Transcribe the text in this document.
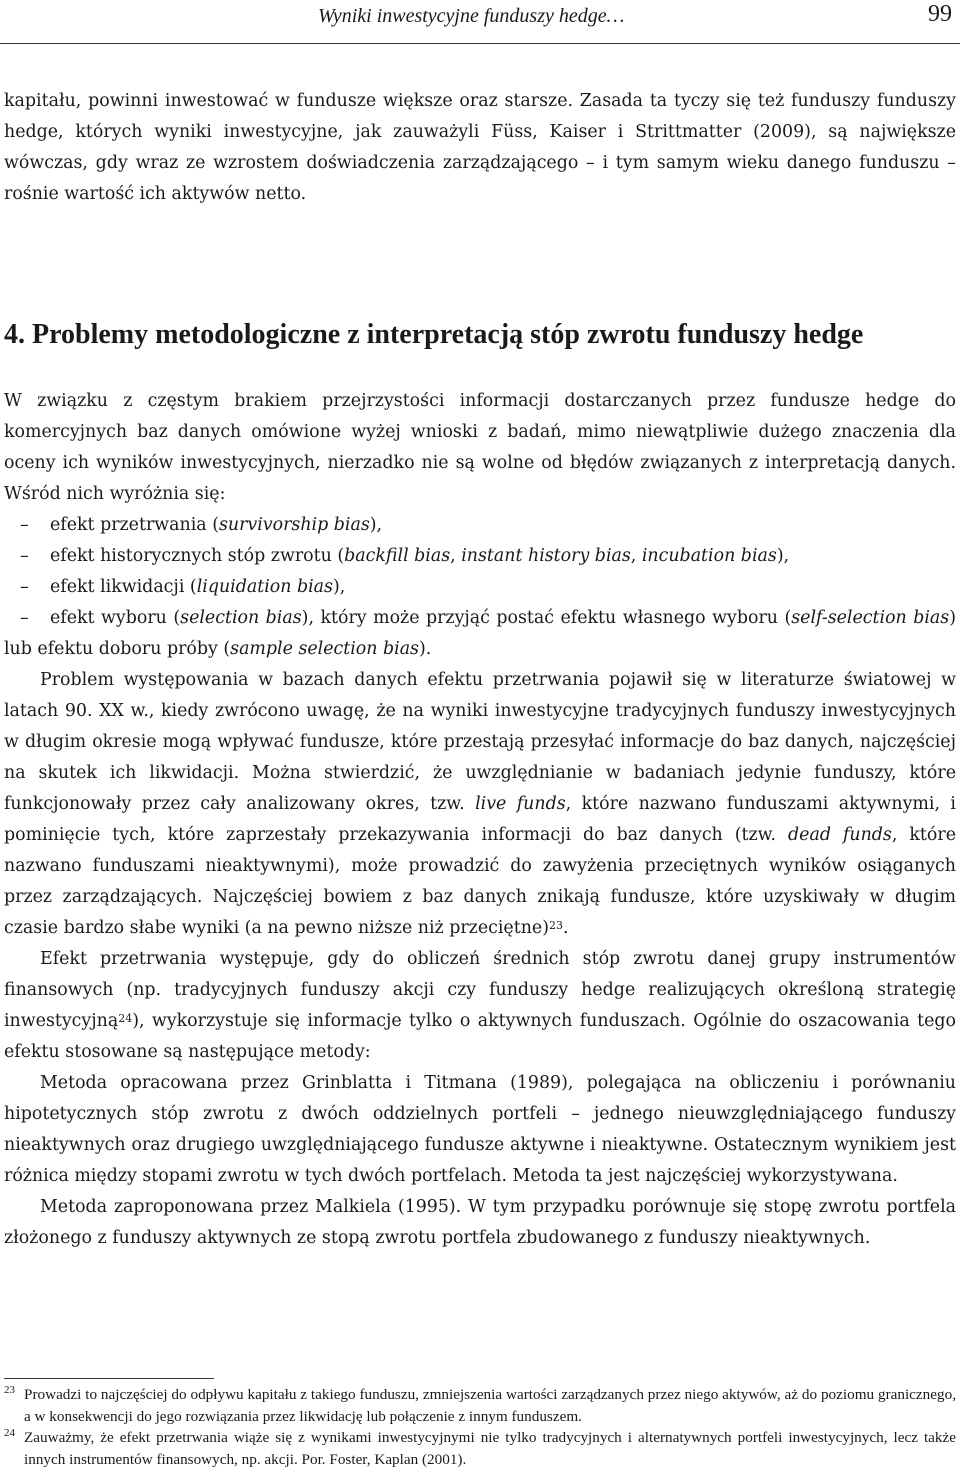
Wyniki inwestycyjne funduszy hedge…	99

kapitału, powinni inwestować w fundusze większe oraz starsze. Zasada ta tyczy się też funduszy funduszy hedge, których wyniki inwestycyjne, jak zauważyli Füss, Kaiser i Strittmatter (2009), są największe wówczas, gdy wraz ze wzrostem doświadczenia zarządzającego – i tym samym wieku danego funduszu – rośnie wartość ich aktywów netto.

4. Problemy metodologiczne z interpretacją stóp zwrotu funduszy hedge

W związku z częstym brakiem przejrzystości informacji dostarczanych przez fundusze hedge do komercyjnych baz danych omówione wyżej wnioski z badań, mimo niewątpliwie dużego znaczenia dla oceny ich wyników inwestycyjnych, nierzadko nie są wolne od błędów związanych z interpretacją danych. Wśród nich wyróżnia się:

– efekt przetrwania (survivorship bias),

– efekt historycznych stóp zwrotu (backfill bias, instant history bias, incubation bias),

– efekt likwidacji (liquidation bias),

– efekt wyboru (selection bias), który może przyjąć postać efektu własnego wyboru (self-selection bias) lub efektu doboru próby (sample selection bias).

Problem występowania w bazach danych efektu przetrwania pojawił się w literaturze światowej w latach 90. XX w., kiedy zwrócono uwagę, że na wyniki inwestycyjne tradycyjnych funduszy inwestycyjnych w długim okresie mogą wpływać fundusze, które przestają przesyłać informacje do baz danych, najczęściej na skutek ich likwidacji. Można stwierdzić, że uwzględnianie w badaniach jedynie funduszy, które funkcjonowały przez cały analizowany okres, tzw. live funds, które nazwano funduszami aktywnymi, i pominięcie tych, które zaprzestały przekazywania informacji do baz danych (tzw. dead funds, które nazwano funduszami nieaktywnymi), może prowadzić do zawyżenia przeciętnych wyników osiąganych przez zarządzających. Najczęściej bowiem z baz danych znikają fundusze, które uzyskiwały w długim czasie bardzo słabe wyniki (a na pewno niższe niż przeciętne)$^{23}$.

Efekt przetrwania występuje, gdy do obliczeń średnich stóp zwrotu danej grupy instrumentów finansowych (np. tradycyjnych funduszy akcji czy funduszy hedge realizujących określoną strategię inwestycyjną$^{24}$), wykorzystuje się informacje tylko o aktywnych funduszach. Ogólnie do oszacowania tego efektu stosowane są następujące metody:

Metoda opracowana przez Grinblatta i Titmana (1989), polegająca na obliczeniu i porównaniu hipotetycznych stóp zwrotu z dwóch oddzielnych portfeli – jednego nieuwzględniającego funduszy nieaktywnych oraz drugiego uwzględniającego fundusze aktywne i nieaktywne. Ostatecznym wynikiem jest różnica między stopami zwrotu w tych dwóch portfelach. Metoda ta jest najczęściej wykorzystywana.

Metoda zaproponowana przez Malkiela (1995). W tym przypadku porównuje się stopę zwrotu portfela złożonego z funduszy aktywnych ze stopą zwrotu portfela zbudowanego z funduszy nieaktywnych.

23 Prowadzi to najczęściej do odpływu kapitału z takiego funduszu, zmniejszenia wartości zarządzanych przez niego aktywów, aż do poziomu granicznego, a w konsekwencji do jego rozwiązania przez likwidację lub połączenie z innym funduszem.

24 Zauważmy, że efekt przetrwania wiąże się z wynikami inwestycyjnymi nie tylko tradycyjnych i alternatywnych portfeli inwestycyjnych, lecz także innych instrumentów finansowych, np. akcji. Por. Foster, Kaplan (2001).
